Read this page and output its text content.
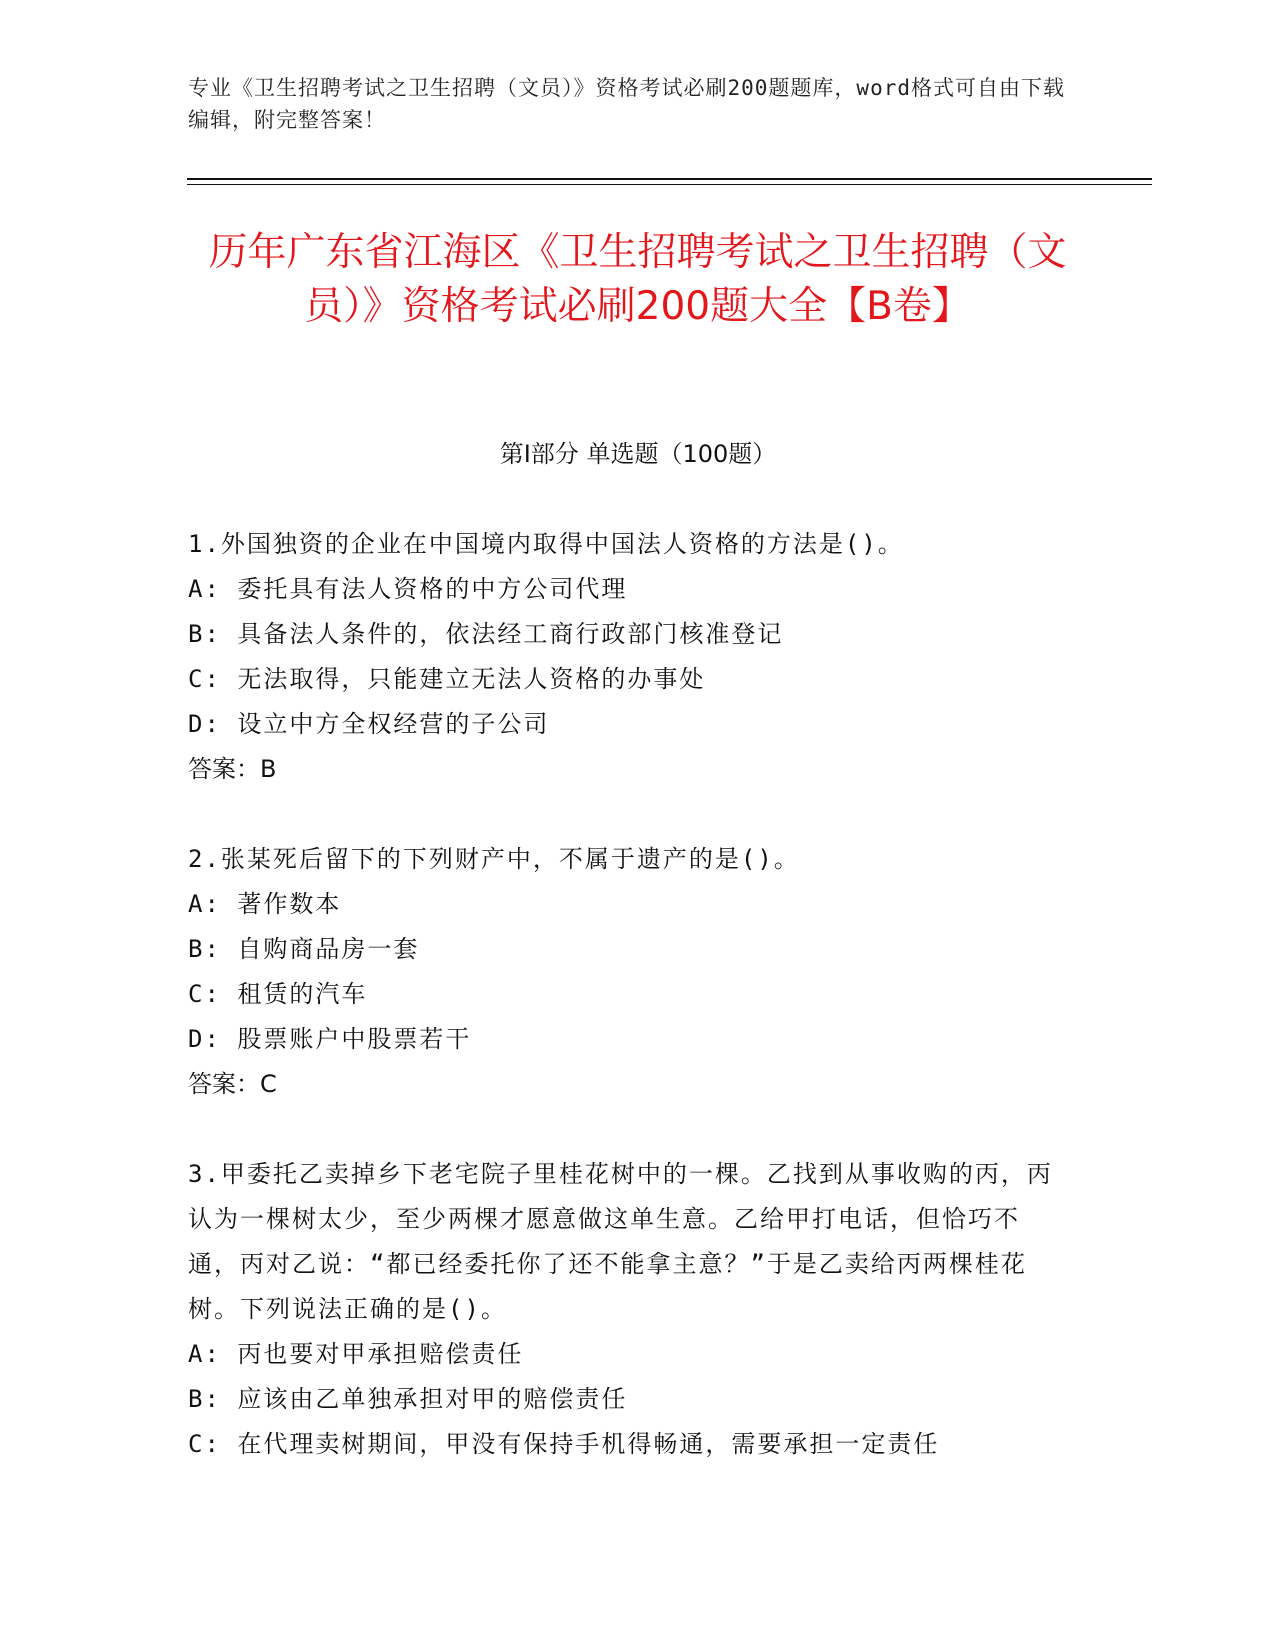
专业《卫生招聘考试之卫生招聘（文员）》资格考试必刷200题题库，word格式可自由下载编辑，附完整答案！
历年广东省江海区《卫生招聘考试之卫生招聘（文员）》资格考试必刷200题大全【B卷】
第Ⅰ部分 单选题（100题）
1.外国独资的企业在中国境内取得中国法人资格的方法是()。
A: 委托具有法人资格的中方公司代理
B: 具备法人条件的，依法经工商行政部门核准登记
C: 无法取得，只能建立无法人资格的办事处
D: 设立中方全权经营的子公司
答案：B
2.张某死后留下的下列财产中，不属于遗产的是()。
A: 著作数本
B: 自购商品房一套
C: 租赁的汽车
D: 股票账户中股票若干
答案：C
3.甲委托乙卖掉乡下老宅院子里桂花树中的一棵。乙找到从事收购的丙，丙认为一棵树太少，至少两棵才愿意做这单生意。乙给甲打电话，但恰巧不通，丙对乙说：“都已经委托你了还不能拿主意？”于是乙卖给丙两棵桂花树。下列说法正确的是()。
A: 丙也要对甲承担赔偿责任
B: 应该由乙单独承担对甲的赔偿责任
C: 在代理卖树期间，甲没有保持手机得畅通，需要承担一定责任
